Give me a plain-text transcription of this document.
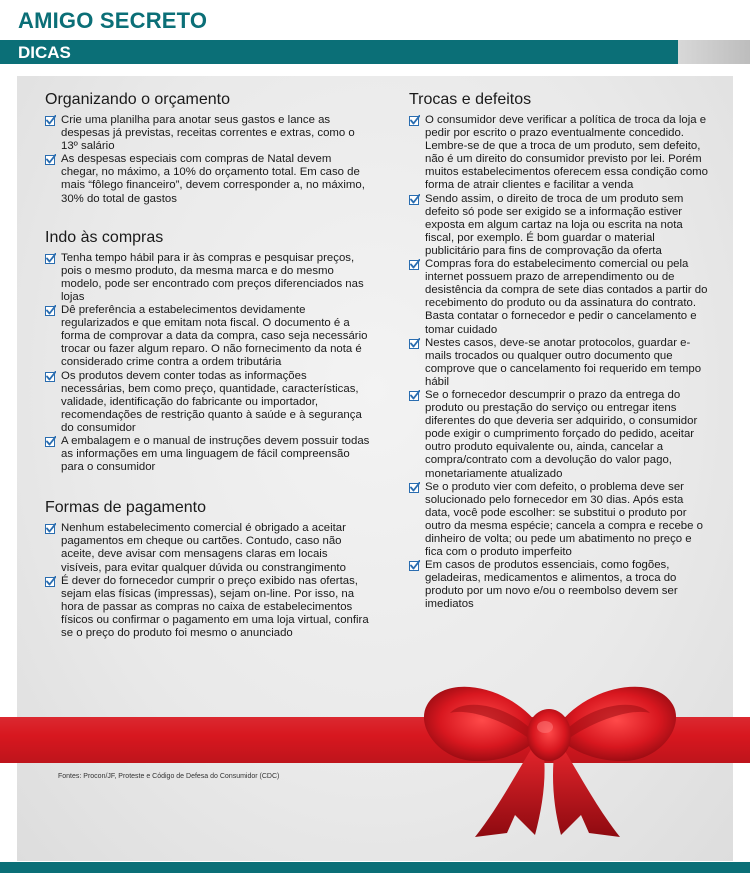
AMIGO SECRETO
DICAS
Organizando o orçamento
Crie uma planilha para anotar seus gastos e lance as despesas já previstas, receitas correntes e extras, como o 13º salário
As despesas especiais com compras de Natal devem chegar, no máximo, a 10% do orçamento total. Em caso de mais “fôlego financeiro”, devem corresponder a, no máximo, 30% do total de gastos
Indo às compras
Tenha tempo hábil para ir às compras e pesquisar preços, pois o mesmo produto, da mesma marca e do mesmo modelo, pode ser encontrado com preços diferenciados nas lojas
Dê preferência a estabelecimentos devidamente regularizados e que emitam nota fiscal. O documento é a forma de comprovar a data da compra, caso seja necessário trocar ou fazer algum reparo. O não fornecimento da nota é considerado crime contra a ordem tributária
Os produtos devem conter todas as informações necessárias, bem como preço, quantidade, características, validade, identificação do fabricante ou importador, recomendações de restrição quanto à saúde e à segurança do consumidor
A embalagem e o manual de instruções devem possuir todas as informações em uma linguagem de fácil compreensão para o consumidor
Formas de pagamento
Nenhum estabelecimento comercial é obrigado a aceitar pagamentos em cheque ou cartões. Contudo, caso não aceite, deve avisar com mensagens claras em locais visíveis, para evitar qualquer dúvida ou constrangimento
É dever do fornecedor cumprir o preço exibido nas ofertas, sejam elas físicas (impressas), sejam on-line. Por isso, na hora de passar as compras no caixa de estabelecimentos físicos ou confirmar o pagamento em uma loja virtual, confira se o preço do produto foi mesmo o anunciado
Trocas e defeitos
O consumidor deve verificar a política de troca da loja e pedir por escrito o prazo eventualmente concedido. Lembre-se de que a troca de um produto, sem defeito, não é um direito do consumidor previsto por lei. Porém muitos estabelecimentos oferecem essa condição como forma de atrair clientes e facilitar a venda
Sendo assim, o direito de troca de um produto sem defeito só pode ser exigido se a informação estiver exposta em algum cartaz na loja ou escrita na nota fiscal, por exemplo. É bom guardar o material publicitário para fins de comprovação da oferta
Compras fora do estabelecimento comercial ou pela internet possuem prazo de arrependimento ou de desistência da compra de sete dias contados a partir do recebimento do produto ou da assinatura do contrato. Basta contatar o fornecedor e pedir o cancelamento e tomar cuidado
Nestes casos, deve-se anotar protocolos, guardar e-mails trocados ou qualquer outro documento que comprove que o cancelamento foi requerido em tempo hábil
Se o fornecedor descumprir o prazo da entrega do produto ou prestação do serviço ou entregar itens diferentes do que deveria ser adquirido, o consumidor pode exigir o cumprimento forçado do pedido, aceitar outro produto equivalente ou, ainda, cancelar a compra/contrato com a devolução do valor pago, monetariamente atualizado
Se o produto vier com defeito, o problema deve ser solucionado pelo fornecedor em 30 dias. Após esta data, você pode escolher: se substitui o produto por outro da mesma espécie; cancela a compra e recebe o dinheiro de volta; ou pede um abatimento no preço e fica com o produto imperfeito
Em casos de produtos essenciais, como fogões, geladeiras, medicamentos e alimentos, a troca do produto por um novo e/ou o reembolso devem ser imediatos
Fontes: Procon/JF, Proteste e Código de Defesa do Consumidor (CDC)
